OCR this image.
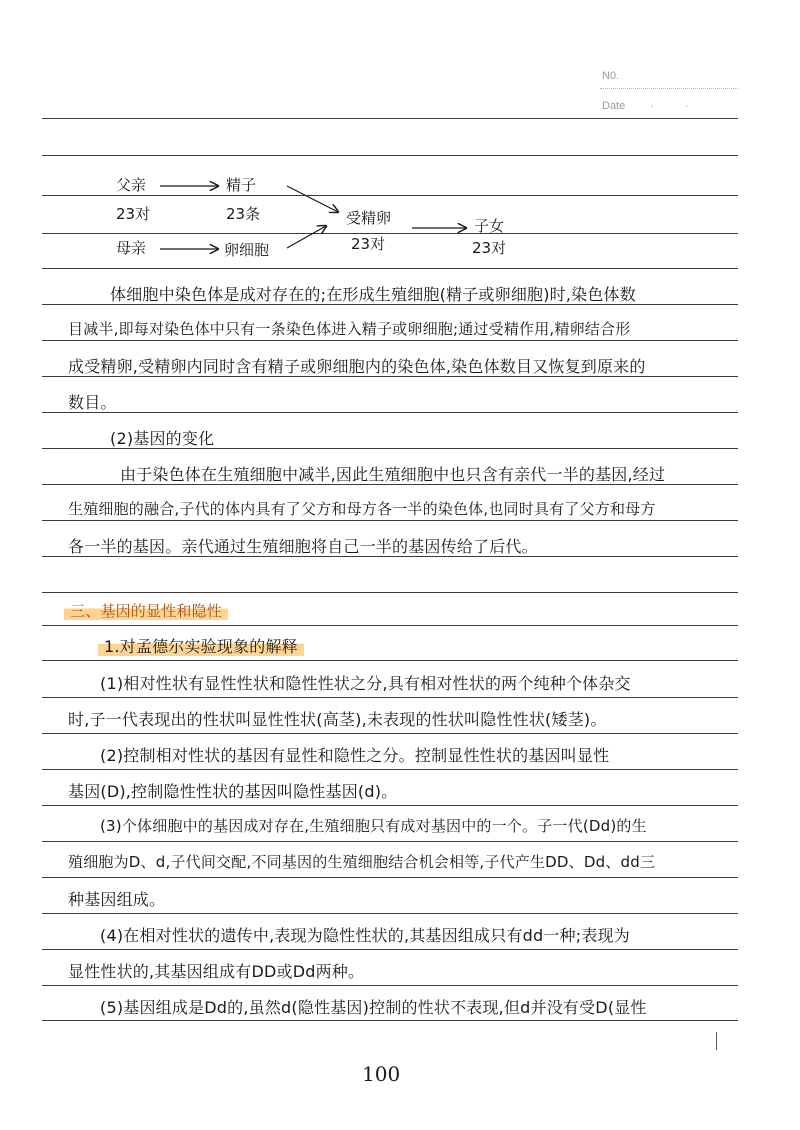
N0.
Date · ·
父亲
23对
精子
23条
母亲	卵细胞
受精卵
23对
子女
23对
体细胞中染色体是成对存在的;在形成生殖细胞(精子或卵细胞)时,染色体数
目减半,即每对染色体中只有一条染色体进入精子或卵细胞;通过受精作用,精卵结合形
成受精卵,受精卵内同时含有精子或卵细胞内的染色体,染色体数目又恢复到原来的
数目。
(2)基因的变化
由于染色体在生殖细胞中减半,因此生殖细胞中也只含有亲代一半的基因,经过
生殖细胞的融合,子代的体内具有了父方和母方各一半的染色体,也同时具有了父方和母方
各一半的基因。亲代通过生殖细胞将自己一半的基因传给了后代。
三、基因的显性和隐性
1.对孟德尔实验现象的解释
(1)相对性状有显性性状和隐性性状之分,具有相对性状的两个纯种个体杂交
时,子一代表现出的性状叫显性性状(高茎),未表现的性状叫隐性性状(矮茎)。
(2)控制相对性状的基因有显性和隐性之分。控制显性性状的基因叫显性
基因(D),控制隐性性状的基因叫隐性基因(d)。
(3)个体细胞中的基因成对存在,生殖细胞只有成对基因中的一个。子一代(Dd)的生
殖细胞为D、d,子代间交配,不同基因的生殖细胞结合机会相等,子代产生DD、Dd、dd三
种基因组成。
(4)在相对性状的遗传中,表现为隐性性状的,其基因组成只有dd一种;表现为
显性性状的,其基因组成有DD或Dd两种。
(5)基因组成是Dd的,虽然d(隐性基因)控制的性状不表现,但d并没有受D(显性
100
